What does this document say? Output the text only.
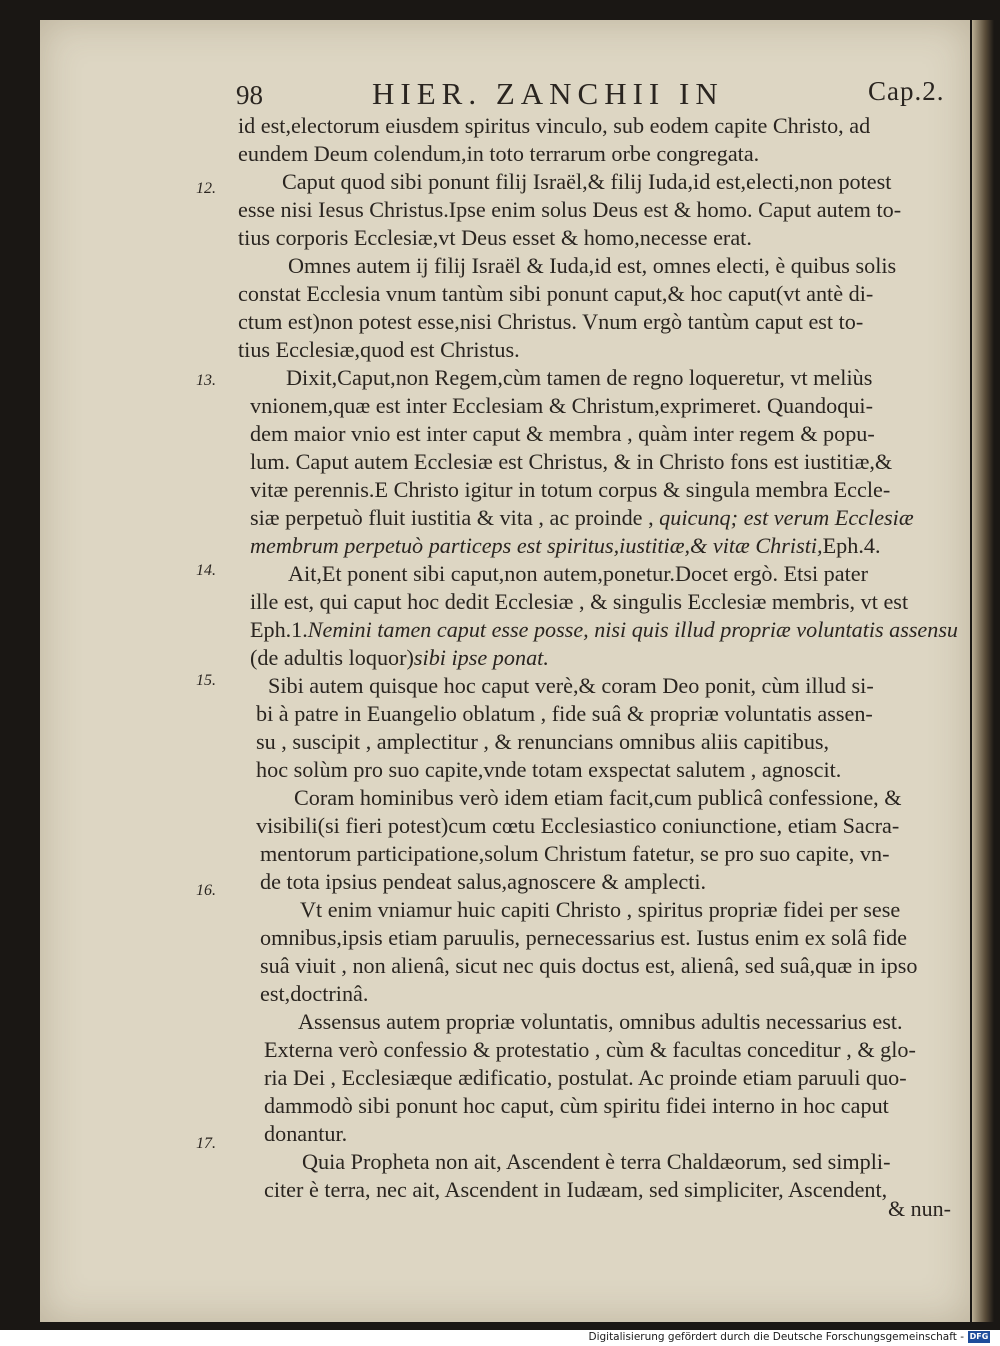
98	HIER. ZANCHII IN	Cap.2.
12.
13.
14.
15.
16.
17.
id est,electorum eiusdem spiritus vinculo, sub eodem capite Christo, ad
eundem Deum colendum,in toto terrarum orbe congregata.
Caput quod sibi ponunt filij Israël,& filij Iuda,id est,electi,non potest
esse nisi Iesus Christus.Ipse enim solus Deus est & homo. Caput autem to-
tius corporis Ecclesiæ,vt Deus esset & homo,necesse erat.
Omnes autem ij filij Israël & Iuda,id est, omnes electi, è quibus solis
constat Ecclesia vnum tantùm sibi ponunt caput,& hoc caput(vt antè di-
ctum est)non potest esse,nisi Christus. Vnum ergò tantùm caput est to-
tius Ecclesiæ,quod est Christus.
Dixit,Caput,non Regem,cùm tamen de regno loqueretur, vt meliùs
vnionem,quæ est inter Ecclesiam & Christum,exprimeret. Quandoqui-
dem maior vnio est inter caput & membra , quàm inter regem & popu-
lum. Caput autem Ecclesiæ est Christus, & in Christo fons est iustitiæ,&
vitæ perennis.E Christo igitur in totum corpus & singula membra Eccle-
siæ perpetuò fluit iustitia & vita , ac proinde , quicunq; est verum Ecclesiæ
membrum perpetuò particeps est spiritus,iustitiæ,& vitæ Christi,Eph.4.
Ait,Et ponent sibi caput,non autem,ponetur.Docet ergò. Etsi pater
ille est, qui caput hoc dedit Ecclesiæ , & singulis Ecclesiæ membris, vt est
Eph.1.Nemini tamen caput esse posse, nisi quis illud propriæ voluntatis assensu
(de adultis loquor)sibi ipse ponat.
Sibi autem quisque hoc caput verè,& coram Deo ponit, cùm illud si-
bi à patre in Euangelio oblatum , fide suâ & propriæ voluntatis assen-
su , suscipit , amplectitur , & renuncians omnibus aliis capitibus,
hoc solùm pro suo capite,vnde totam exspectat salutem , agnoscit.
Coram hominibus verò idem etiam facit,cum publicâ confessione, &
visibili(si fieri potest)cum cœtu Ecclesiastico coniunctione, etiam Sacra-
mentorum participatione,solum Christum fatetur, se pro suo capite, vn-
de tota ipsius pendeat salus,agnoscere & amplecti.
Vt enim vniamur huic capiti Christo , spiritus propriæ fidei per sese
omnibus,ipsis etiam paruulis, pernecessarius est. Iustus enim ex solâ fide
suâ viuit , non alienâ, sicut nec quis doctus est, alienâ, sed suâ,quæ in ipso
est,doctrinâ.
Assensus autem propriæ voluntatis, omnibus adultis necessarius est.
Externa verò confessio & protestatio , cùm & facultas conceditur , & glo-
ria Dei , Ecclesiæque ædificatio, postulat. Ac proinde etiam paruuli quo-
dammodò sibi ponunt hoc caput, cùm spiritu fidei interno in hoc caput
donantur.
Quia Propheta non ait, Ascendent è terra Chaldæorum, sed simpli-
citer è terra, nec ait, Ascendent in Iudæam, sed simpliciter, Ascendent,
& nun-
Digitalisierung gefördert durch die Deutsche Forschungsgemeinschaft - DFG
